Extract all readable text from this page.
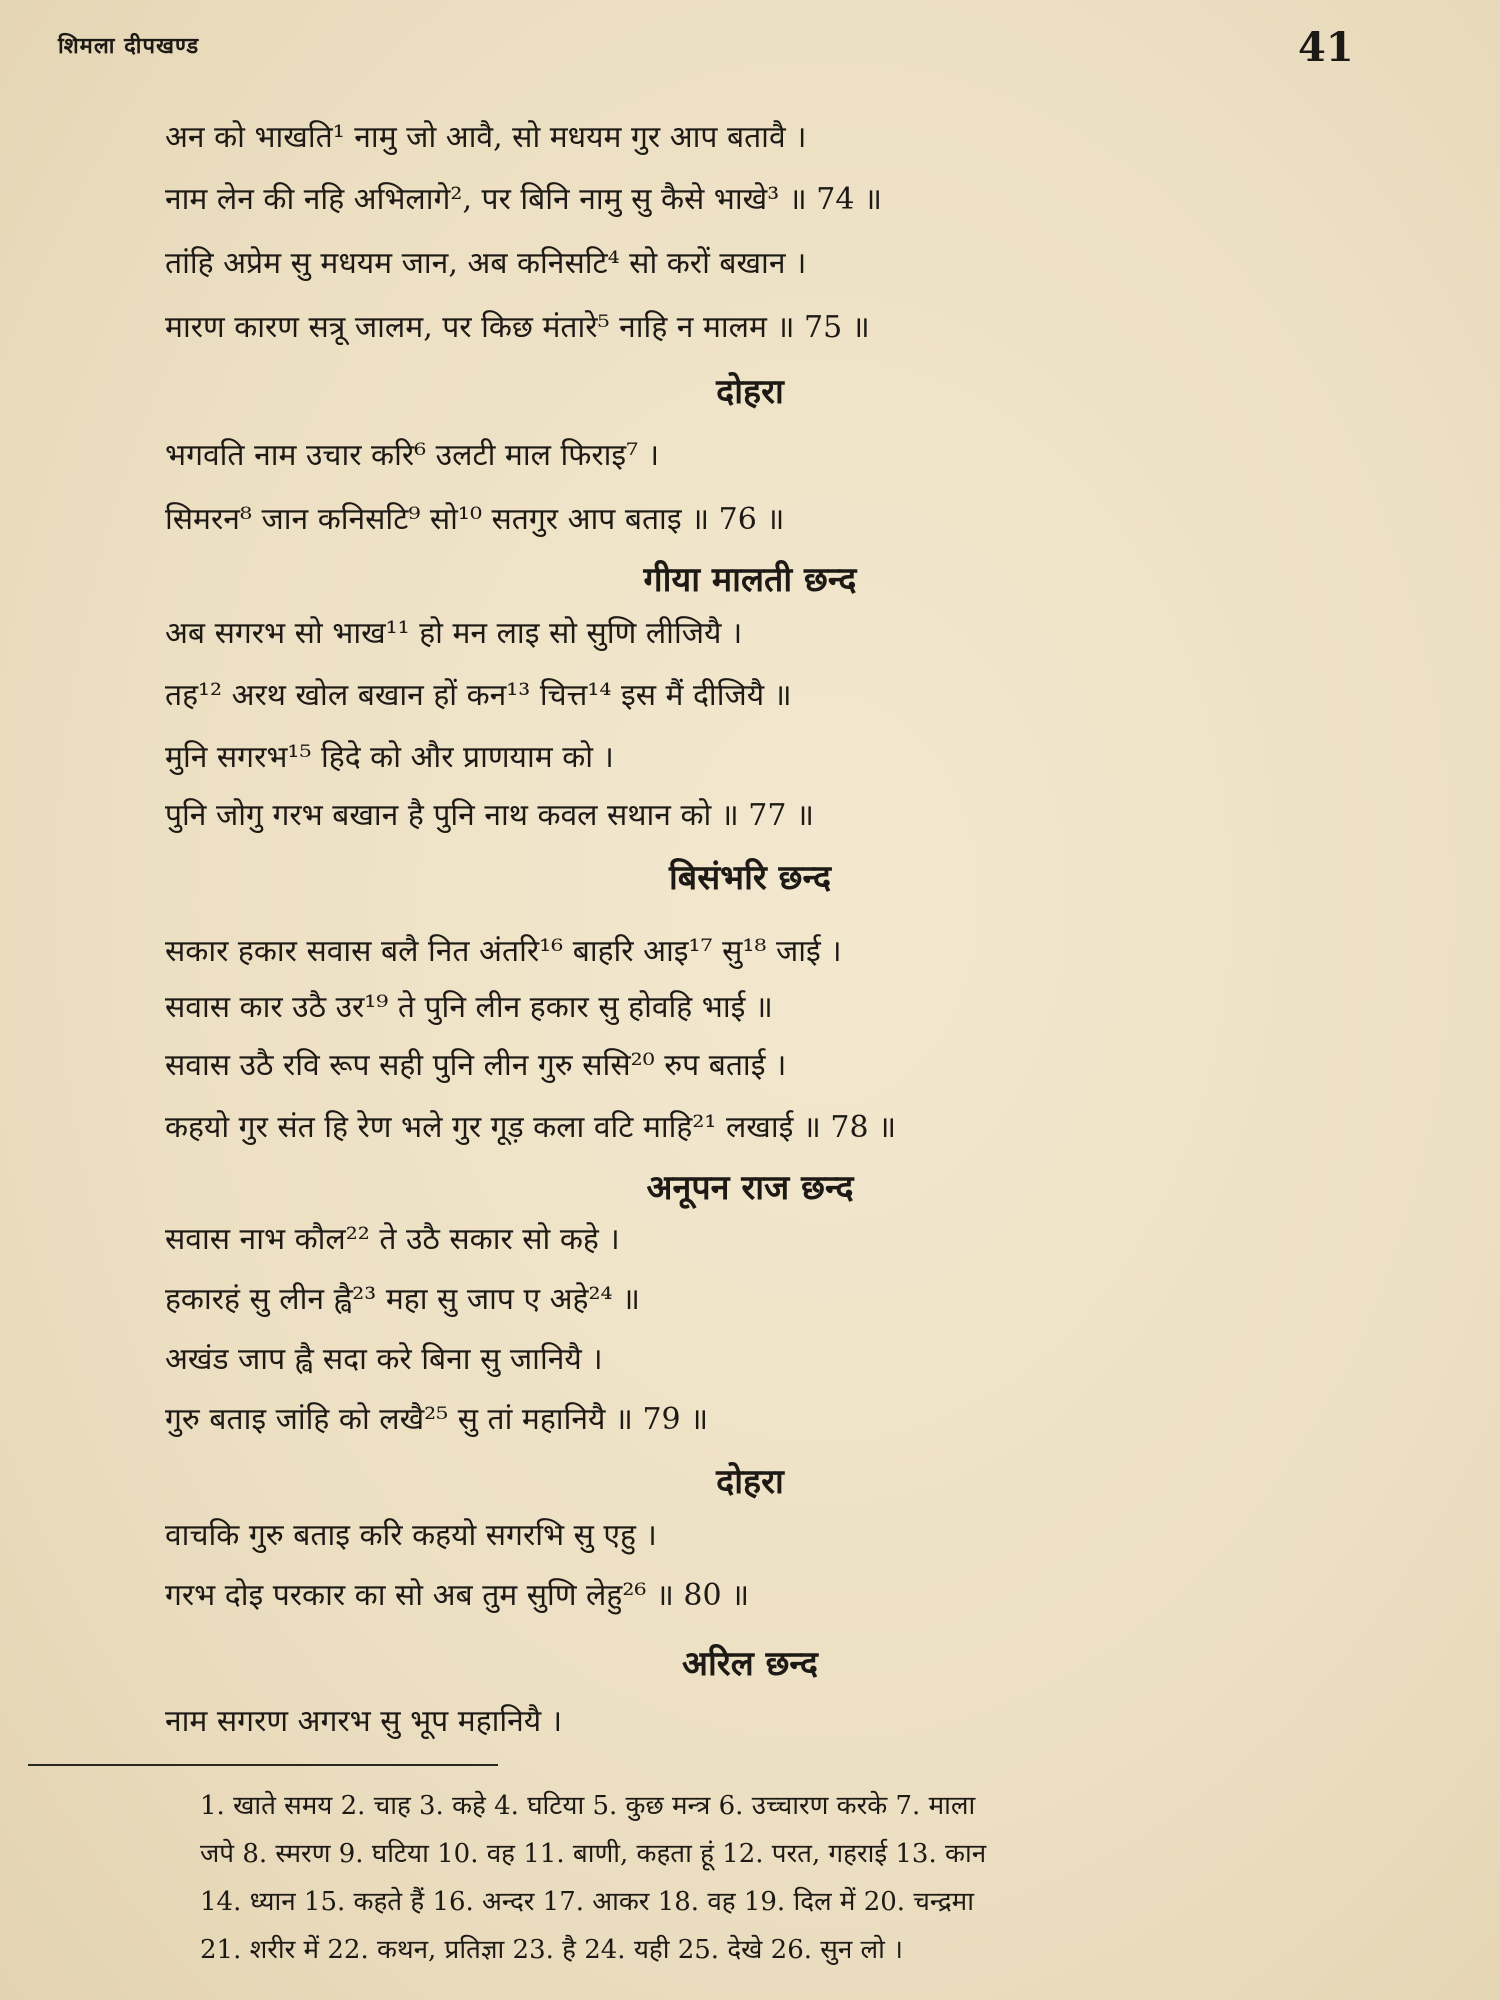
शिमला दीपखण्ड	41
अन को भाखति¹ नामु जो आवै, सो मधयम गुर आप बतावै ।
नाम लेन की नहि अभिलागे², पर बिनि नामु सु कैसे भाखे³ ॥ 74 ॥
तांहि अप्रेम सु मधयम जान, अब कनिसटि⁴ सो करों बखान ।
मारण कारण सत्रू जालम, पर किछ मंतारे⁵ नाहि न मालम ॥ 75 ॥
दोहरा
भगवति नाम उचार करि⁶ उलटी माल फिराइ⁷ ।
सिमरन⁸ जान कनिसटि⁹ सो¹⁰ सतगुर आप बताइ ॥ 76 ॥
गीया मालती छन्द
अब सगरभ सो भाख¹¹ हो मन लाइ सो सुणि लीजियै ।
तह¹² अरथ खोल बखान हों कन¹³ चित्त¹⁴ इस मैं दीजियै ॥
मुनि सगरभ¹⁵ हिदे को और प्राणयाम को ।
पुनि जोगु गरभ बखान है पुनि नाथ कवल सथान को ॥ 77 ॥
बिसंभरि छन्द
सकार हकार सवास बलै नित अंतरि¹⁶ बाहरि आइ¹⁷ सु¹⁸ जाई ।
सवास कार उठै उर¹⁹ ते पुनि लीन हकार सु होवहि भाई ॥
सवास उठै रवि रूप सही पुनि लीन गुरु ससि²⁰ रुप बताई ।
कहयो गुर संत हि रेण भले गुर गूड़ कला वटि माहि²¹ लखाई ॥ 78 ॥
अनूपन राज छन्द
सवास नाभ कौल²² ते उठै सकार सो कहे ।
हकारहं सु लीन ह्वै²³ महा सु जाप ए अहे²⁴ ॥
अखंड जाप ह्वै सदा करे बिना सु जानियै ।
गुरु बताइ जांहि को लखै²⁵ सु तां महानियै ॥ 79 ॥
दोहरा
वाचकि गुरु बताइ करि कहयो सगरभि सु एहु ।
गरभ दोइ परकार का सो अब तुम सुणि लेहु²⁶ ॥ 80 ॥
अरिल छन्द
नाम सगरण अगरभ सु भूप महानियै ।
1. खाते समय 2. चाह 3. कहे 4. घटिया 5. कुछ मन्त्र 6. उच्चारण करके 7. माला
जपे 8. स्मरण 9. घटिया 10. वह 11. बाणी, कहता हूं 12. परत, गहराई 13. कान
14. ध्यान 15. कहते हैं 16. अन्दर 17. आकर 18. वह 19. दिल में 20. चन्द्रमा
21. शरीर में 22. कथन, प्रतिज्ञा 23. है 24. यही 25. देखे 26. सुन लो ।
